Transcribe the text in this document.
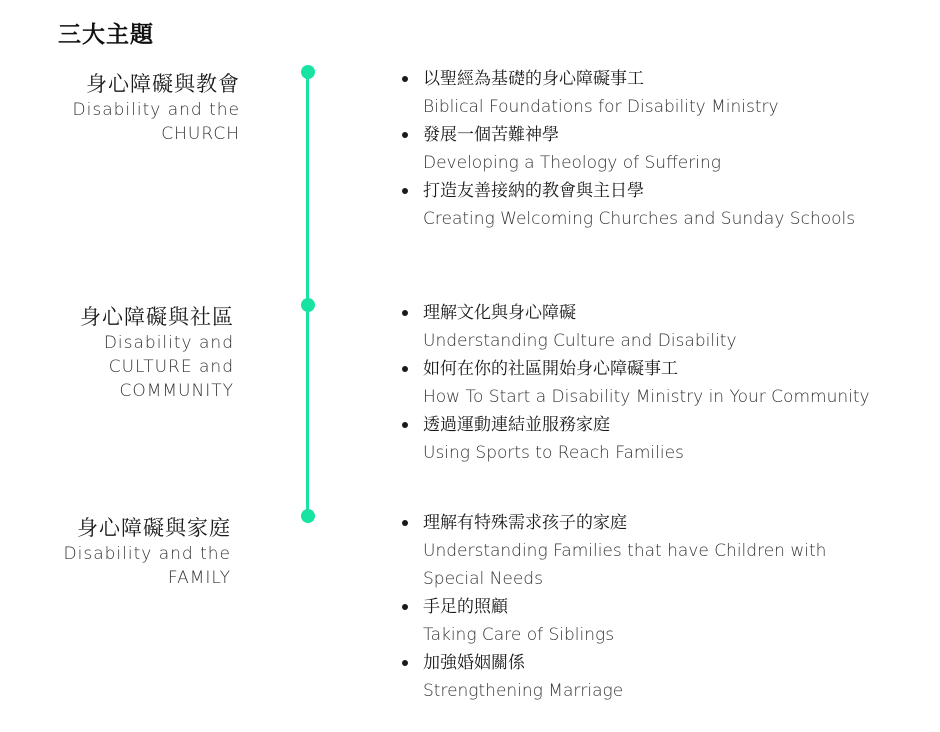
三大主題
身心障礙與教會
Disability and the
CHURCH
以聖經為基礎的身心障礙事工
Biblical Foundations for Disability Ministry
發展一個苦難神學
Developing a Theology of Suffering
打造友善接納的教會與主日學
Creating Welcoming Churches and Sunday Schools
身心障礙與社區
Disability and
CULTURE and
COMMUNITY
理解文化與身心障礙
Understanding Culture and Disability
如何在你的社區開始身心障礙事工
How To Start a Disability Ministry in Your Community
透過運動連結並服務家庭
Using Sports to Reach Families
身心障礙與家庭
Disability and the
FAMILY
理解有特殊需求孩子的家庭
Understanding Families that have Children with Special Needs
手足的照顧
Taking Care of Siblings
加強婚姻關係
Strengthening Marriage
